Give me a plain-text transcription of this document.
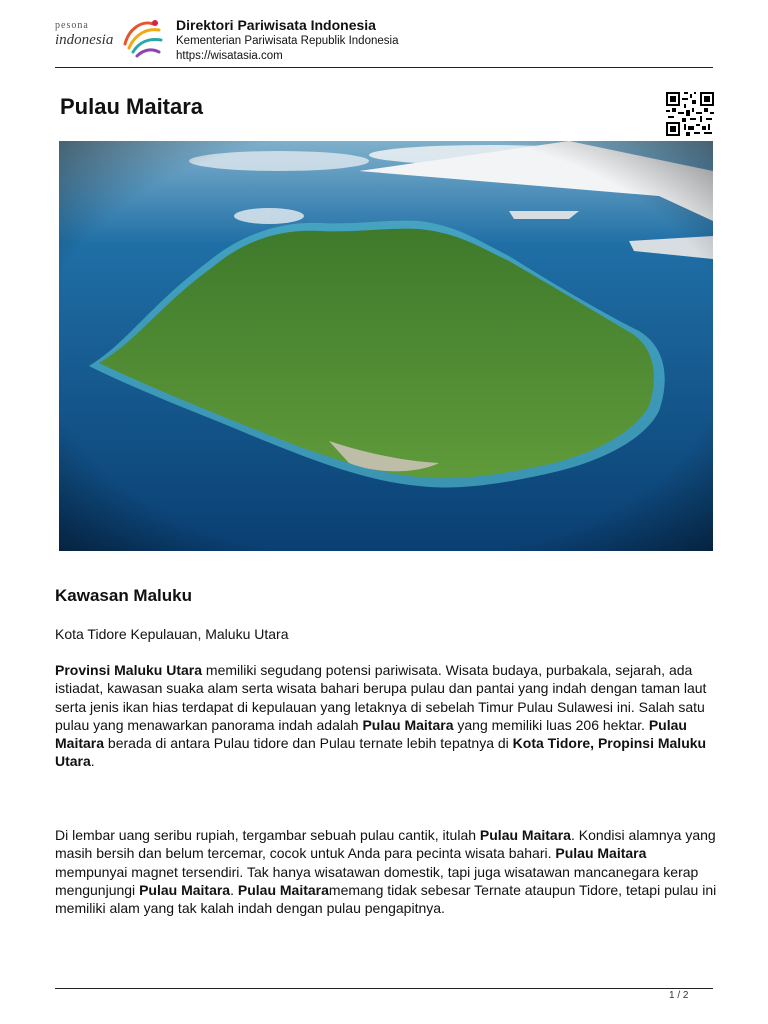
pesona
indonesia
Direktori Pariwisata Indonesia
Kementerian Pariwisata Republik Indonesia
https://wisatasia.com
Pulau Maitara
Kawasan Maluku
Kota Tidore Kepulauan, Maluku Utara

Provinsi Maluku Utara memiliki segudang potensi pariwisata. Wisata budaya, purbakala, sejarah, ada istiadat, kawasan suaka alam serta wisata bahari berupa pulau dan pantai yang indah dengan taman laut serta jenis ikan hias terdapat di kepulauan yang letaknya di sebelah Timur Pulau Sulawesi ini. Salah satu pulau yang menawarkan panorama indah adalah Pulau Maitara yang memiliki luas 206 hektar. Pulau Maitara berada di antara Pulau tidore dan Pulau ternate lebih tepatnya di Kota Tidore, Propinsi Maluku Utara.

Di lembar uang seribu rupiah, tergambar sebuah pulau cantik, itulah Pulau Maitara. Kondisi alamnya yang masih bersih dan belum tercemar, cocok untuk Anda para pecinta wisata bahari. Pulau Maitara mempunyai magnet tersendiri. Tak hanya wisatawan domestik, tapi juga wisatawan mancanegara kerap mengunjungi Pulau Maitara. Pulau Maitaramemang tidak sebesar Ternate ataupun Tidore, tetapi pulau ini memiliki alam yang tak kalah indah dengan pulau pengapitnya.

1 / 2
